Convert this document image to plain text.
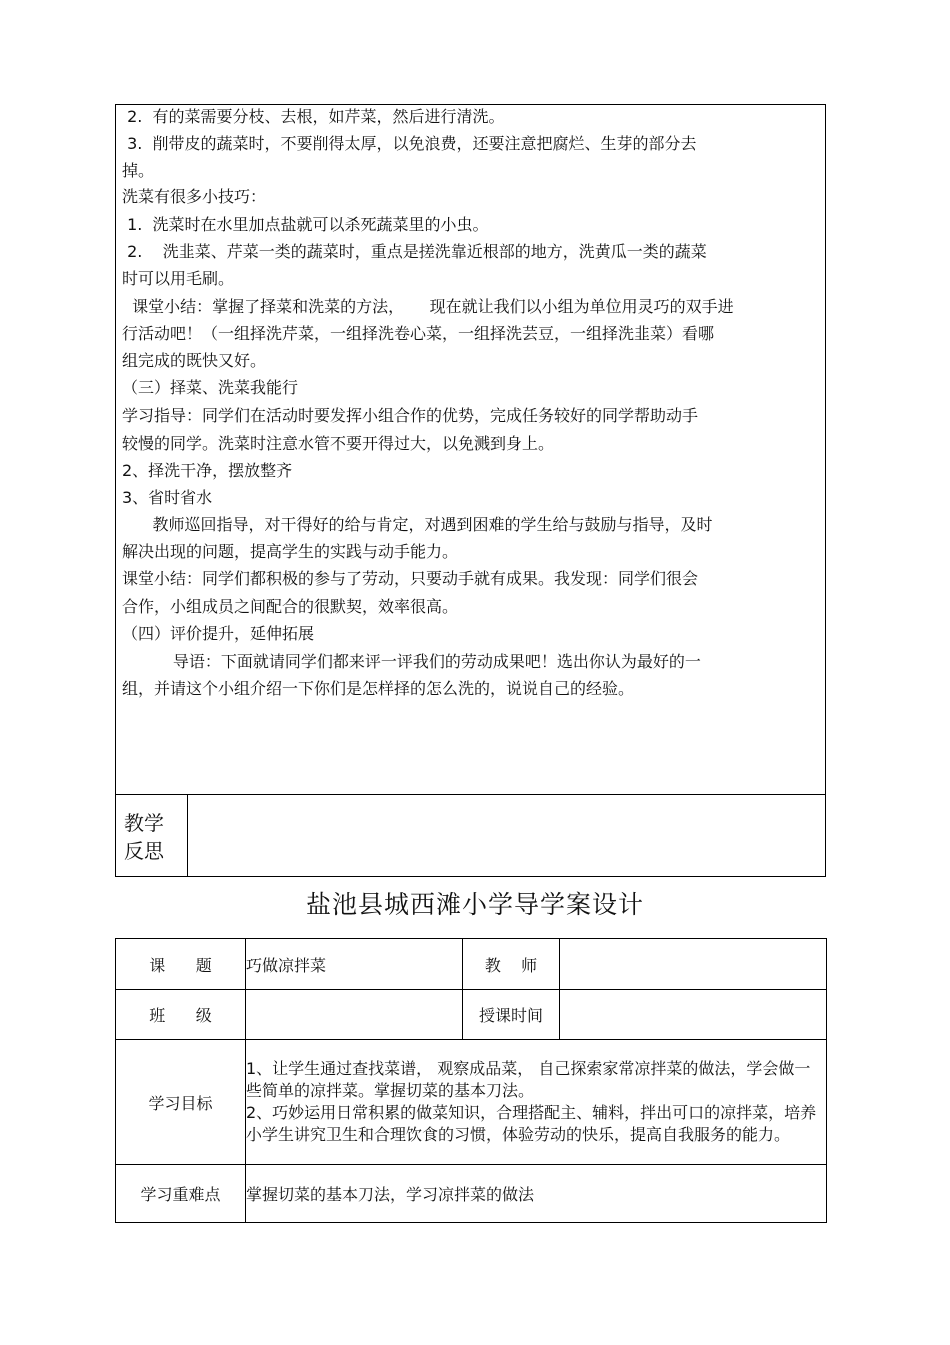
2.  有的菜需要分枝、去根，如芹菜，然后进行清洗。
3.  削带皮的蔬菜时，不要削得太厚，以免浪费，还要注意把腐烂、生芽的部分去
掉。
洗菜有很多小技巧：
1.  洗菜时在水里加点盐就可以杀死蔬菜里的小虫。
2.    洗韭菜、芹菜一类的蔬菜时，重点是搓洗靠近根部的地方，洗黄瓜一类的蔬菜
时可以用毛刷。
课堂小结：掌握了择菜和洗菜的方法，     现在就让我们以小组为单位用灵巧的双手进
行活动吧！（一组择洗芹菜，一组择洗卷心菜，一组择洗芸豆，一组择洗韭菜）看哪
组完成的既快又好。
（三）择菜、洗菜我能行
学习指导：同学们在活动时要发挥小组合作的优势，完成任务较好的同学帮助动手
较慢的同学。洗菜时注意水管不要开得过大，以免溅到身上。
2、择洗干净，摆放整齐
3、省时省水
教师巡回指导，对干得好的给与肯定，对遇到困难的学生给与鼓励与指导，及时
解决出现的问题，提高学生的实践与动手能力。
课堂小结：同学们都积极的参与了劳动，只要动手就有成果。我发现：同学们很会
合作，小组成员之间配合的很默契，效率很高。
（四）评价提升，延伸拓展
导语：下面就请同学们都来评一评我们的劳动成果吧！选出你认为最好的一
组，并请这个小组介绍一下你们是怎样择的怎么洗的，说说自己的经验。
教学
反思
盐池县城西滩小学导学案设计
课      题	巧做凉拌菜	教    师	
班      级		授课时间	
学习目标	1、让学生通过查找菜谱， 观察成品菜， 自己探索家常凉拌菜的做法，学会做一些简单的凉拌菜。掌握切菜的基本刀法。
2、巧妙运用日常积累的做菜知识，合理搭配主、辅料，拌出可口的凉拌菜，培养小学生讲究卫生和合理饮食的习惯，体验劳动的快乐，提高自我服务的能力。		

学习重难点	掌握切菜的基本刀法，学习凉拌菜的做法		
